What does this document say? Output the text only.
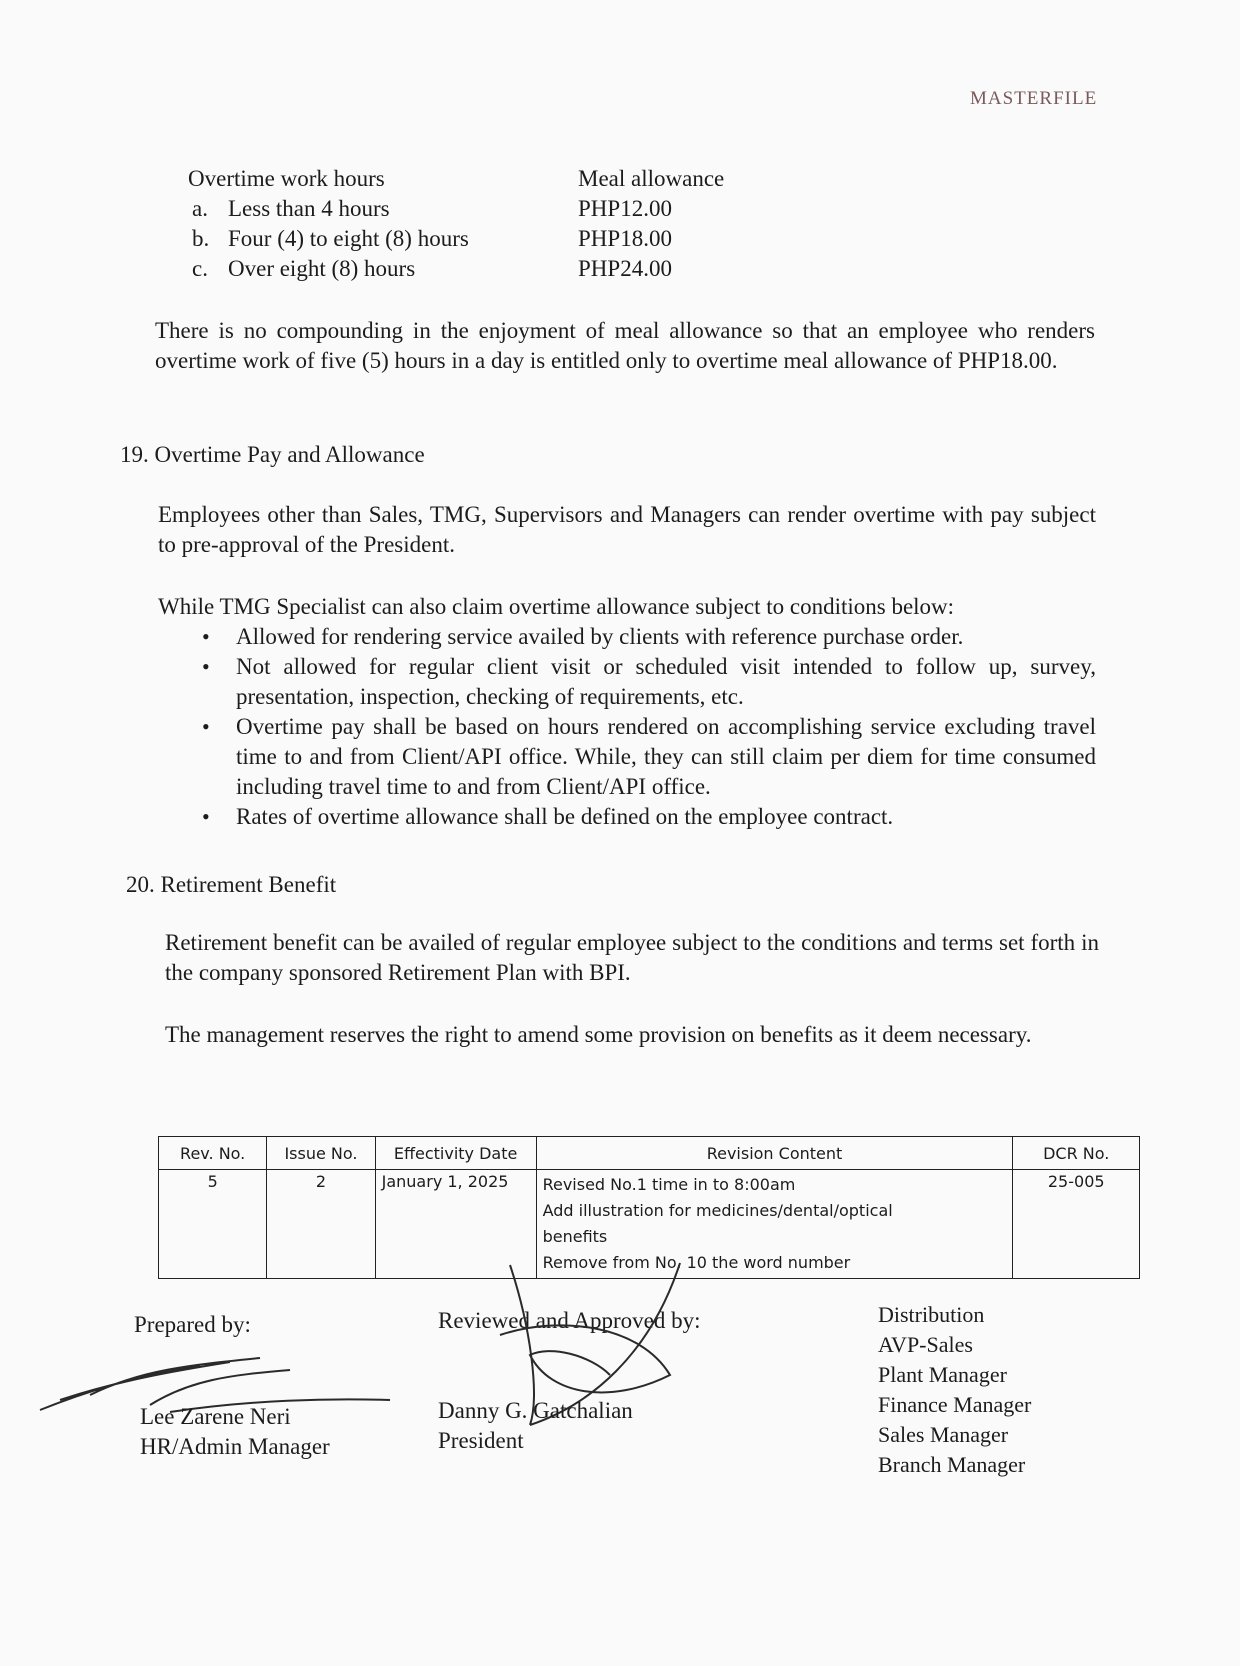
MASTERFILE
Overtime work hours	Meal allowance
a. Less than 4 hours	PHP12.00
b. Four (4) to eight (8) hours	PHP18.00
c. Over eight (8) hours	PHP24.00
There is no compounding in the enjoyment of meal allowance so that an employee who renders overtime work of five (5) hours in a day is entitled only to overtime meal allowance of PHP18.00.
19. Overtime Pay and Allowance
Employees other than Sales, TMG, Supervisors and Managers can render overtime with pay subject to pre-approval of the President.
While TMG Specialist can also claim overtime allowance subject to conditions below:
• Allowed for rendering service availed by clients with reference purchase order.
• Not allowed for regular client visit or scheduled visit intended to follow up, survey, presentation, inspection, checking of requirements, etc.
• Overtime pay shall be based on hours rendered on accomplishing service excluding travel time to and from Client/API office. While, they can still claim per diem for time consumed including travel time to and from Client/API office.
• Rates of overtime allowance shall be defined on the employee contract.
20. Retirement Benefit
Retirement benefit can be availed of regular employee subject to the conditions and terms set forth in the company sponsored Retirement Plan with BPI.
The management reserves the right to amend some provision on benefits as it deem necessary.
Rev. No.	Issue No.	Effectivity Date	Revision Content	DCR No.
5	2	January 1, 2025	Revised No.1 time in to 8:00am
Add illustration for medicines/dental/optical
benefits
Remove from No. 10 the word number	25-005
Prepared by:
Lee Zarene Neri
HR/Admin Manager
Reviewed and Approved by:
Danny G. Gatchalian
President
Distribution
AVP-Sales
Plant Manager
Finance Manager
Sales Manager
Branch Manager
